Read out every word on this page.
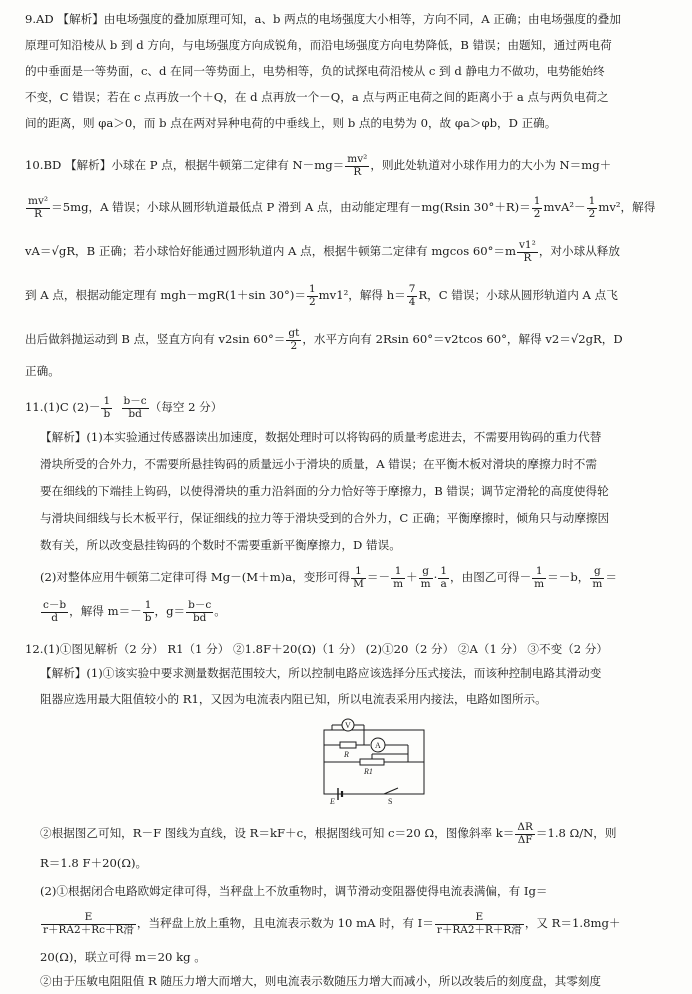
9.AD 【解析】由电场强度的叠加原理可知，a、b 两点的电场强度大小相等，方向不同，A 正确；由电场强度的叠加
原理可知沿棱从 b 到 d 方向，与电场强度方向成锐角，而沿电场强度方向电势降低，B 错误；由题知，通过两电荷
的中垂面是一等势面，c、d 在同一等势面上，电势相等，负的试探电荷沿棱从 c 到 d 静电力不做功，电势能始终
不变，C 错误；若在 c 点再放一个＋Q，在 d 点再放一个－Q，a 点与两正电荷之间的距离小于 a 点与两负电荷之
间的距离，则 φa＞0，而 b 点在两对异种电荷的中垂线上，则 b 点的电势为 0，故 φa＞φb，D 正确。
10.BD 【解析】小球在 P 点，根据牛顿第二定律有 $N-mg= \frac{\text{mv²}}{R}$ ，则此处轨道对小球作用力的大小为 N＝mg＋
$\frac{\text{mv²}}{R} =5mg$，A 错误；小球从圆形轨道最低点 P 滑到 A 点，由动能定理有－mg(Rsin $30^\circ+R)= \frac{1}{2} mvA^2- \frac{1}{2} mv^2$，解得
vA＝√gR，B 正确；若小球恰好能通过圆形轨道内 A 点，根据牛顿第二定律有 mgcos $60^\circ=m \frac{\text{v1²}}{R}$ ，对小球从释放
到 A 点，根据动能定理有 mgh－mgR(1＋sin $30^\circ)= \frac{1}{2} mv1^2$，解得 $h= \frac{7}{4}$ R，C 错误；小球从圆形轨道内 A 点飞
出后做斜抛运动到 B 点，竖直方向有 v2sin $60^\circ= \frac{gt}{2}$ ，水平方向有 2Rsin 60°＝v2tcos 60°，解得 v2＝√2gR，D
正确。
11.(1)C $(2)- \frac{1}{b}$
$\frac{b-c}{bd}$ （每空 2 分）
【解析】(1)本实验通过传感器读出加速度，数据处理时可以将钩码的质量考虑进去，不需要用钩码的重力代替
滑块所受的合外力，不需要所悬挂钩码的质量远小于滑块的质量，A 错误；在平衡木板对滑块的摩擦力时不需
要在细线的下端挂上钩码，以使得滑块的重力沿斜面的分力恰好等于摩擦力，B 错误；调节定滑轮的高度使得轮
与滑块间细线与长木板平行，保证细线的拉力等于滑块受到的合外力，C 正确；平衡摩擦时，倾角只与动摩擦因
数有关，所以改变悬挂钩码的个数时不需要重新平衡摩擦力，D 错误。
(2)对整体应用牛顿第二定律可得 Mg－(M＋m)a，变形可得 $\frac{1}{M} =- \frac{1}{m} + \frac{g}{m} \cdot \frac{1}{a}$ ，由图乙可得－ $\frac{1}{m} =-b$， $\frac{g}{m}$ ＝
$\frac{c-b}{d}$ ，解得 $m=- \frac{1}{b}$ ，$g= \frac{b-c}{bd}$ 。
12.(1)①图见解析（2 分） R1（1 分） ②1.8F＋20(Ω)（1 分） (2)①20（2 分） ②A（1 分） ③不变（2 分）
【解析】(1)①该实验中要求测量数据范围较大，所以控制电路应该选择分压式接法，而该种控制电路其滑动变
阻器应选用最大阻值较小的 R1，又因为电流表内阻已知，所以电流表采用内接法，电路如图所示。
V
A
R
R1
E	S
②根据图乙可知，R－F 图线为直线，设 R＝kF＋c，根据图线可知 c＝20 Ω，图像斜率 $k= \frac{\Delta R}{\Delta F} =1.8$ Ω/N，则
R＝1.8 F＋20(Ω)。
(2)①根据闭合电路欧姆定律可得，当秤盘上不放重物时，调节滑动变阻器使得电流表满偏，有 Ig＝
$\frac{E}{\text{r＋RA2＋Rc＋R滑}}$ ，当秤盘上放上重物，且电流表示数为 10 mA 时，有 $I= \frac{E}{\text{r＋RA2＋R＋R滑}}$ ，又 R＝1.8mg＋
20(Ω)，联立可得 m＝20 kg 。
②由于压敏电阻阻值 R 随压力增大而增大，则电流表示数随压力增大而减小，所以改装后的刻度盘，其零刻度
